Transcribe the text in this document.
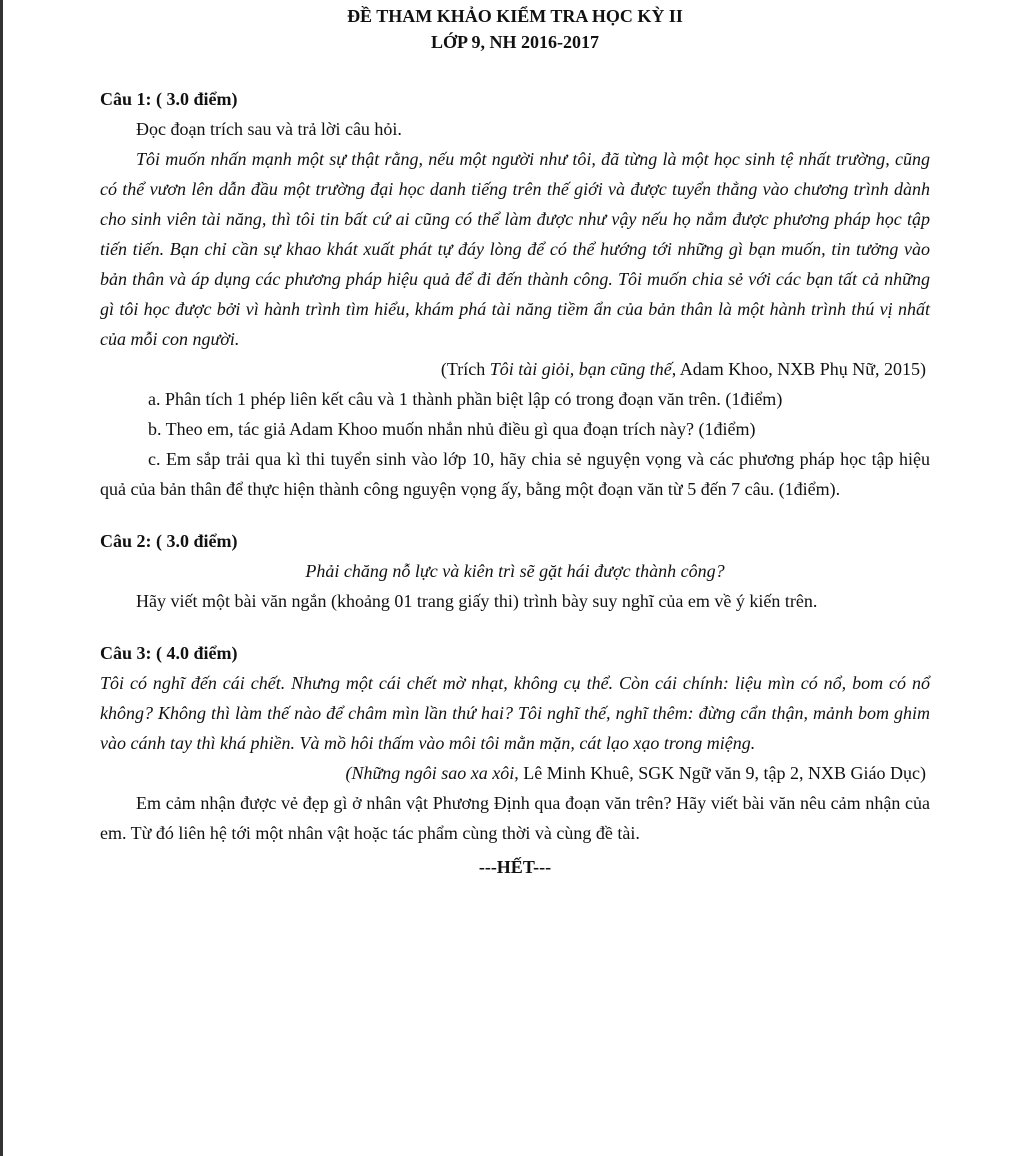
ĐỀ THAM KHẢO KIỂM TRA HỌC KỲ II
LỚP 9, NH 2016-2017

Câu 1: ( 3.0 điểm)

Đọc đoạn trích sau và trả lời câu hỏi.

Tôi muốn nhấn mạnh một sự thật rằng, nếu một người như tôi, đã từng là một học sinh tệ nhất trường, cũng có thể vươn lên dẫn đầu một trường đại học danh tiếng trên thế giới và được tuyển thẳng vào chương trình dành cho sinh viên tài năng, thì tôi tin bất cứ ai cũng có thể làm được như vậy nếu họ nắm được phương pháp học tập tiến tiến. Bạn chỉ cần sự khao khát xuất phát tự đáy lòng để có thể hướng tới những gì bạn muốn, tin tưởng vào bản thân và áp dụng các phương pháp hiệu quả để đi đến thành công. Tôi muốn chia sẻ với các bạn tất cả những gì tôi học được bởi vì hành trình tìm hiểu, khám phá tài năng tiềm ẩn của bản thân là một hành trình thú vị nhất của mỗi con người.

(Trích Tôi tài giỏi, bạn cũng thế, Adam Khoo, NXB Phụ Nữ, 2015)

a. Phân tích 1 phép liên kết câu và 1 thành phần biệt lập có trong đoạn văn trên. (1điểm)

b. Theo em, tác giả Adam Khoo muốn nhắn nhủ điều gì qua đoạn trích này? (1điểm)

c. Em sắp trải qua kì thi tuyển sinh vào lớp 10, hãy chia sẻ nguyện vọng và các phương pháp học tập hiệu quả của bản thân để thực hiện thành công nguyện vọng ấy, bằng một đoạn văn từ 5 đến 7 câu. (1điểm).

Câu 2: ( 3.0 điểm)

Phải chăng nỗ lực và kiên trì sẽ gặt hái được thành công?

Hãy viết một bài văn ngắn (khoảng 01 trang giấy thi) trình bày suy nghĩ của em về ý kiến trên.

Câu 3: ( 4.0 điểm)

Tôi có nghĩ đến cái chết. Nhưng một cái chết mờ nhạt, không cụ thể. Còn cái chính: liệu mìn có nổ, bom có nổ không? Không thì làm thế nào để châm mìn lần thứ hai? Tôi nghĩ thế, nghĩ thêm: đừng cẩn thận, mảnh bom ghim vào cánh tay thì khá phiền. Và mồ hôi thấm vào môi tôi mằn mặn, cát lạo xạo trong miệng.

(Những ngôi sao xa xôi, Lê Minh Khuê, SGK Ngữ văn 9, tập 2, NXB Giáo Dục)

Em cảm nhận được vẻ đẹp gì ở nhân vật Phương Định qua đoạn văn trên? Hãy viết bài văn nêu cảm nhận của em. Từ đó liên hệ tới một nhân vật hoặc tác phẩm cùng thời và cùng đề tài.

---HẾT---
